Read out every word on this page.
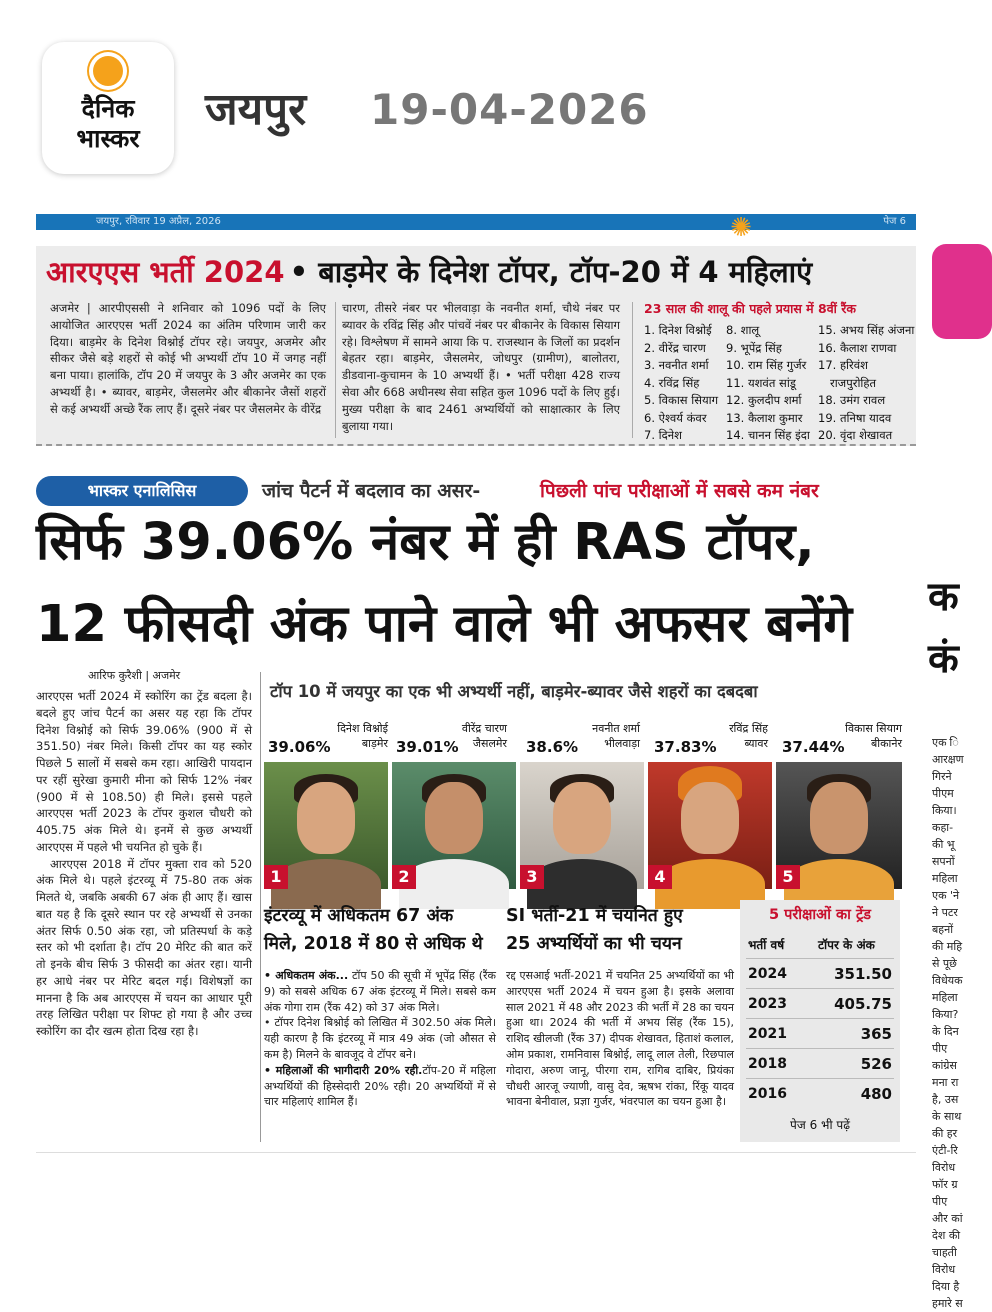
दैनिक
भास्कर
जयपुर 19-04-2026
जयपुर, रविवार 19 अप्रैल, 2026	पेज 6
✺
आरएएस भर्ती 2024 • बाड़मेर के दिनेश टॉपर, टॉप-20 में 4 महिलाएं
अजमेर | आरपीएससी ने शनिवार को 1096 पदों के लिए आयोजित आरएएस भर्ती 2024 का अंतिम परिणाम जारी कर दिया। बाड़मेर के दिनेश विश्नोई टॉपर रहे। जयपुर, अजमेर और सीकर जैसे बड़े शहरों से कोई भी अभ्यर्थी टॉप 10 में जगह नहीं बना पाया। हालांकि, टॉप 20 में जयपुर के 3 और अजमेर का एक अभ्यर्थी है। • ब्यावर, बाड़मेर, जैसलमेर और बीकानेर जैसों शहरों से कई अभ्यर्थी अच्छे रैंक लाए हैं। दूसरे नंबर पर जैसलमेर के वीरेंद्र
चारण, तीसरे नंबर पर भीलवाड़ा के नवनीत शर्मा, चौथे नंबर पर ब्यावर के रविंद्र सिंह और पांचवें नंबर पर बीकानेर के विकास सियाग रहे। विश्लेषण में सामने आया कि प. राजस्थान के जिलों का प्रदर्शन बेहतर रहा। बाड़मेर, जैसलमेर, जोधपुर (ग्रामीण), बालोतरा, डीडवाना-कुचामन के 10 अभ्यर्थी हैं। • भर्ती परीक्षा 428 राज्य सेवा और 668 अधीनस्थ सेवा सहित कुल 1096 पदों के लिए हुई। मुख्य परीक्षा के बाद 2461 अभ्यर्थियों को साक्षात्कार के लिए बुलाया गया।
23 साल की शालू की पहले प्रयास में 8वीं रैंक
1. दिनेश विश्नोई
2. वीरेंद्र चारण
3. नवनीत शर्मा
4. रविंद्र सिंह
5. विकास सियाग
6. ऐश्वर्य कंवर
7. दिनेश
8. शालू
9. भूपेंद्र सिंह
10. राम सिंह गुर्जर
11. यशवंत सांडू
12. कुलदीप शर्मा
13. कैलाश कुमार
14. चानन सिंह इंदा
15. अभय सिंह अंजना
16. कैलाश राणवा
17. हरिवंश
राजपुरोहित
18. उमंग रावल
19. तनिषा यादव
20. वृंदा शेखावत
क
कं
एक ि
आरक्षण
गिरने
पीएम
किया।
कहा-
की भू
सपनों
महिला
एक 'ने
ने पटर
बहनों
की महि
से पूछे
विधेयक
महिला
किया?
के दिन
पीए
कांग्रेस
मना रा
है, उस
के साथ
की हर
एंटी-रि
विरोध
फॉर ग्र
पीए
और कां
देश की
चाहती
विरोध
दिया है
हमारे स
भास्कर एनालिसिस	जांच पैटर्न में बदलाव का असर-	पिछली पांच परीक्षाओं में सबसे कम नंबर
सिर्फ 39.06% नंबर में ही RAS टॉपर,
12 फीसदी अंक पाने वाले भी अफसर बनेंगे
आरिफ कुरैशी | अजमेर

आरएएस भर्ती 2024 में स्कोरिंग का ट्रेंड बदला है। बदले हुए जांच पैटर्न का असर यह रहा कि टॉपर दिनेश विश्नोई को सिर्फ 39.06% (900 में से 351.50) नंबर मिले। किसी टॉपर का यह स्कोर पिछले 5 सालों में सबसे कम रहा। आखिरी पायदान पर रहीं सुरेखा कुमारी मीना को सिर्फ 12% नंबर (900 में से 108.50) ही मिले। इससे पहले आरएएस भर्ती 2023 के टॉपर कुशल चौधरी को 405.75 अंक मिले थे। इनमें से कुछ अभ्यर्थी आरएएस में पहले भी चयनित हो चुके हैं।

आरएएस 2018 में टॉपर मुक्ता राव को 520 अंक मिले थे। पहले इंटरव्यू में 75-80 तक अंक मिलते थे, जबकि अबकी 67 अंक ही आए हैं। खास बात यह है कि दूसरे स्थान पर रहे अभ्यर्थी से उनका अंतर सिर्फ 0.50 अंक रहा, जो प्रतिस्पर्धा के कड़े स्तर को भी दर्शाता है। टॉप 20 मेरिट की बात करें तो इनके बीच सिर्फ 3 फीसदी का अंतर रहा। यानी हर आधे नंबर पर मेरिट बदल गई। विशेषज्ञों का मानना है कि अब आरएएस में चयन का आधार पूरी तरह लिखित परीक्षा पर शिफ्ट हो गया है और उच्च स्कोरिंग का दौर खत्म होता दिख रहा है।

टॉप 10 में जयपुर का एक भी अभ्यर्थी नहीं, बाड़मेर-ब्यावर जैसे शहरों का दबदबा
39.06%
दिनेश विश्नोई
बाड़मेर
1
39.01%
वीरेंद्र चारण
जैसलमेर
2
38.6%
नवनीत शर्मा
भीलवाड़ा
3
37.83%
रविंद्र सिंह
ब्यावर
4
37.44%
विकास सियाग
बीकानेर
5
इंटरव्यू में अधिकतम 67 अंक
मिले, 2018 में 80 से अधिक थे
• अधिकतम अंक... टॉप 50 की सूची में भूपेंद्र सिंह (रैंक 9) को सबसे अधिक 67 अंक इंटरव्यू में मिले। सबसे कम अंक गोगा राम (रैंक 42) को 37 अंक मिले।
• टॉपर दिनेश बिश्नोई को लिखित में 302.50 अंक मिले। यही कारण है कि इंटरव्यू में मात्र 49 अंक (जो औसत से कम है) मिलने के बावजूद वे टॉपर बने।
• महिलाओं की भागीदारी 20% रही.टॉप-20 में महिला अभ्यर्थियों की हिस्सेदारी 20% रही। 20 अभ्यर्थियों में से चार महिलाएं शामिल हैं।
SI भर्ती-21 में चयनित हुए
25 अभ्यर्थियों का भी चयन
रद्द एसआई भर्ती-2021 में चयनित 25 अभ्यर्थियों का भी आरएएस भर्ती 2024 में चयन हुआ है। इसके अलावा साल 2021 में 48 और 2023 की भर्ती में 28 का चयन हुआ था। 2024 की भर्ती में अभय सिंह (रैंक 15), राशिद खीलजी (रैंक 37) दीपक शेखावत, हिताशं कलाल, ओम प्रकाश, रामनिवास बिश्नोई, लादू लाल तेली, रिछपाल गोदारा, अरुण जानू, पीरगा राम, रागिब दाबिर, प्रियंका चौधरी आरजू ज्याणी, वासु देव, ऋषभ रांका, रिंकू यादव भावना बेनीवाल, प्रज्ञा गुर्जर, भंवरपाल का चयन हुआ है।
5 परीक्षाओं का ट्रेंड
भर्ती वर्ष	टॉपर के अंक
2024	351.50
2023	405.75
2021	365
2018	526
2016	480
पेज 6 भी पढ़ें
